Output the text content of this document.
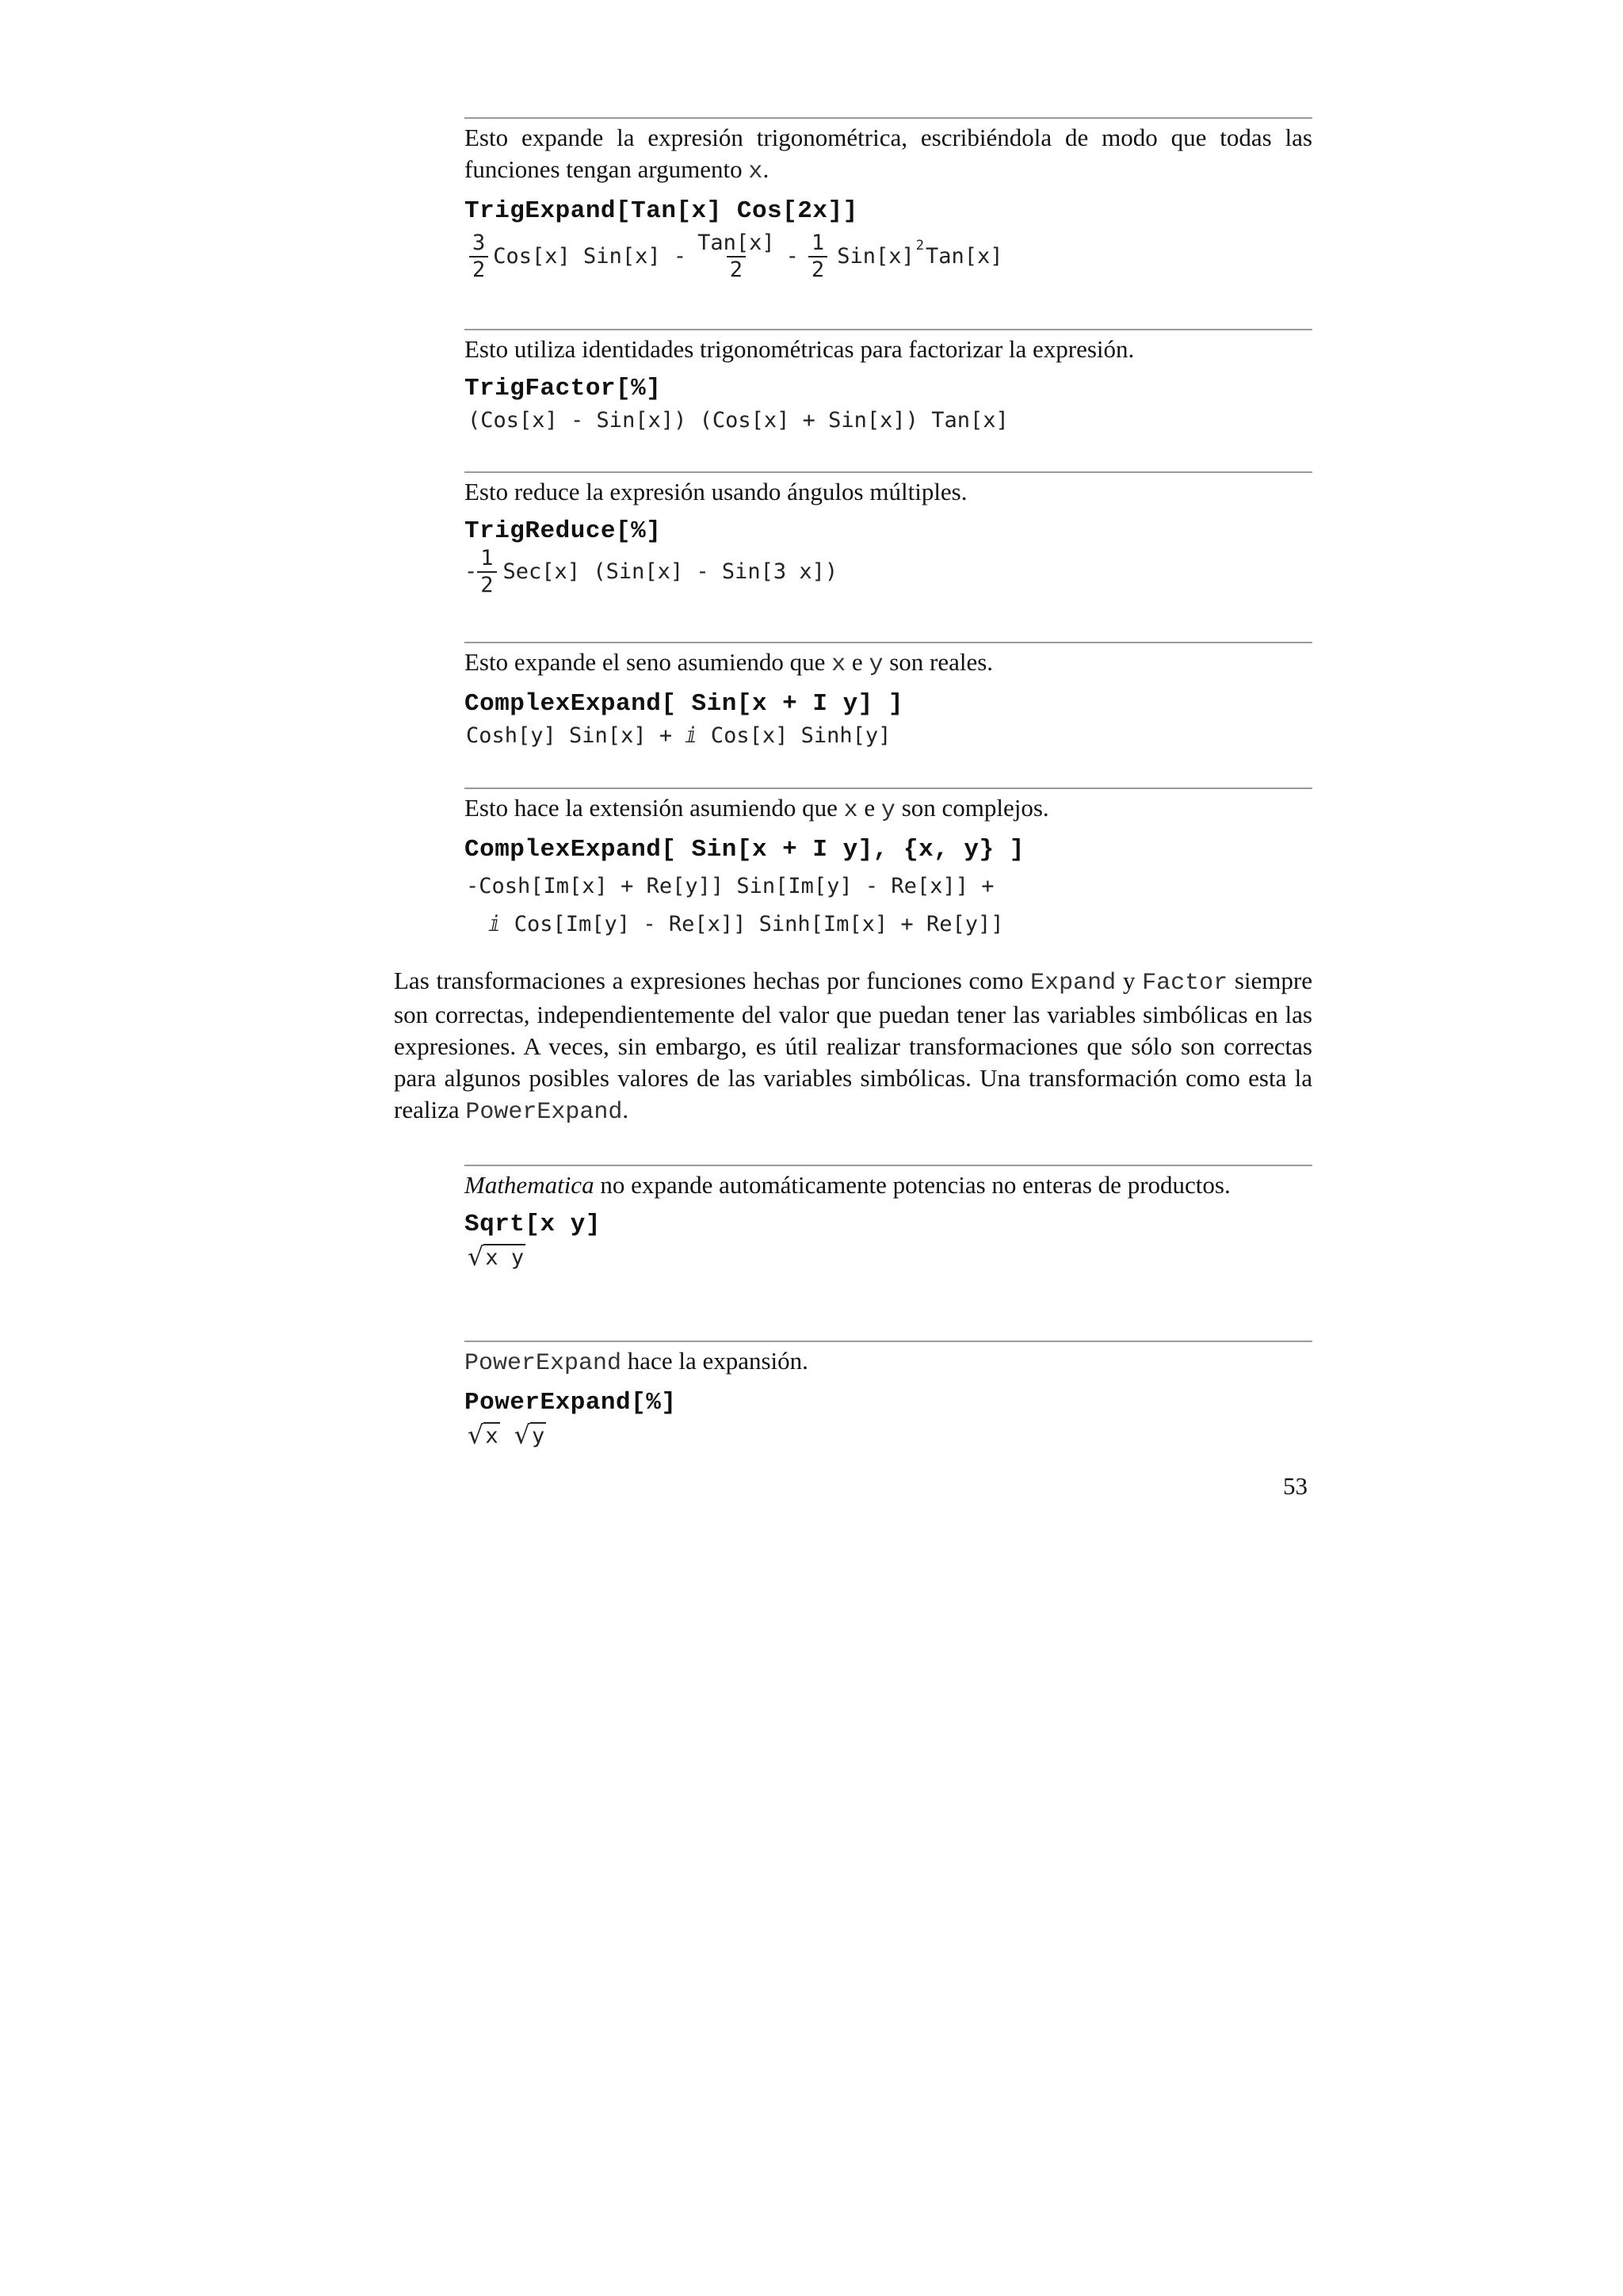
Esto expande la expresión trigonométrica, escribiéndola de modo que todas las funciones tengan argumento x.
TrigExpand[Tan[x] Cos[2x]]
$\frac{3}{2} Cos[x]$ $Sin[x] - \frac{\text{Tan[x]}}{2} - \frac{1}{2} Sin[x]$ 2 Tan[x]
Esto utiliza identidades trigonométricas para factorizar la expresión.
TrigFactor[%]
(Cos[x] - Sin[x]) (Cos[x] + Sin[x]) Tan[x]
Esto reduce la expresión usando ángulos múltiples.
TrigReduce[%]
- $\frac{1}{2} Sec[x]$ (Sin[x] - Sin[3 x])
Esto expande el seno asumiendo que x e y son reales.
ComplexExpand[ Sin[x + I y] ]
Cosh[y] Sin[x] + ⅈ Cos[x] Sinh[y]
Esto hace la extensión asumiendo que x e y son complejos.
ComplexExpand[ Sin[x + I y], {x, y} ]
-Cosh[Im[x] + Re[y]] Sin[Im[y] - Re[x]] +
ⅈ Cos[Im[y] - Re[x]] Sinh[Im[x] + Re[y]]
Las transformaciones a expresiones hechas por funciones como Expand y Factor siempre son correctas, independientemente del valor que puedan tener las variables simbólicas en las expresiones. A veces, sin embargo, es útil realizar transformaciones que sólo son correctas para algunos posibles valores de las variables simbólicas. Una transformación como esta la realiza PowerExpand.
Mathematica no expande automáticamente potencias no enteras de productos.
Sqrt[x y]
√ x y
PowerExpand hace la expansión.
PowerExpand[%]
√ x √ y
53
